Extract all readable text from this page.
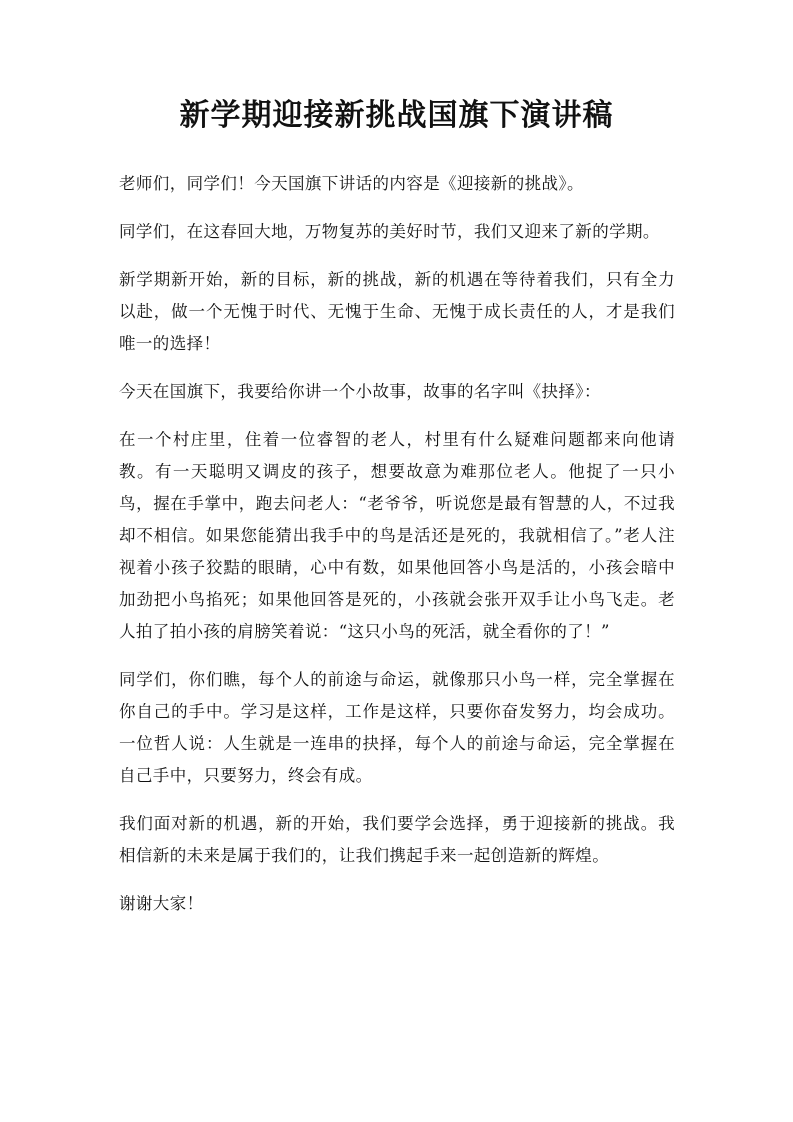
新学期迎接新挑战国旗下演讲稿

老师们，同学们！今天国旗下讲话的内容是《迎接新的挑战》。

同学们，在这春回大地，万物复苏的美好时节，我们又迎来了新的学期。

新学期新开始，新的目标，新的挑战，新的机遇在等待着我们，只有全力以赴，做一个无愧于时代、无愧于生命、无愧于成长责任的人，才是我们唯一的选择！

今天在国旗下，我要给你讲一个小故事，故事的名字叫《抉择》：

在一个村庄里，住着一位睿智的老人，村里有什么疑难问题都来向他请教。有一天聪明又调皮的孩子，想要故意为难那位老人。他捉了一只小鸟，握在手掌中，跑去问老人：“老爷爷，听说您是最有智慧的人，不过我却不相信。如果您能猜出我手中的鸟是活还是死的，我就相信了。”老人注视着小孩子狡黠的眼睛，心中有数，如果他回答小鸟是活的，小孩会暗中加劲把小鸟掐死；如果他回答是死的，小孩就会张开双手让小鸟飞走。老人拍了拍小孩的肩膀笑着说：“这只小鸟的死活，就全看你的了！”

同学们，你们瞧，每个人的前途与命运，就像那只小鸟一样，完全掌握在你自己的手中。学习是这样，工作是这样，只要你奋发努力，均会成功。一位哲人说：人生就是一连串的抉择，每个人的前途与命运，完全掌握在自己手中，只要努力，终会有成。

我们面对新的机遇，新的开始，我们要学会选择，勇于迎接新的挑战。我相信新的未来是属于我们的，让我们携起手来一起创造新的辉煌。

谢谢大家！
